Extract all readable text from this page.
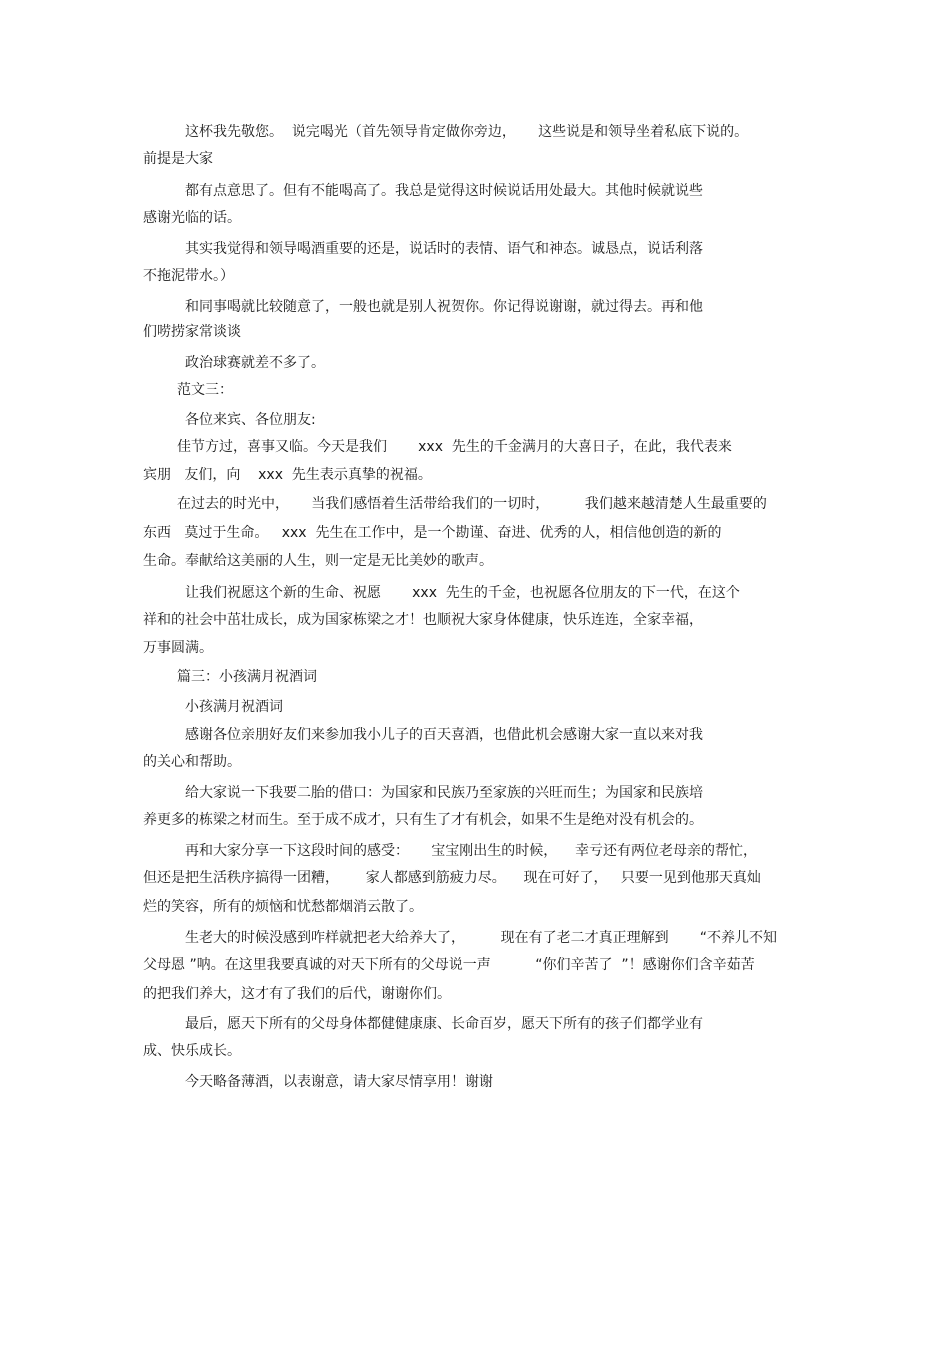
这杯我先敬您。  说完喝光（首先领导肯定做你旁边，     这些说是和领导坐着私底下说的。

前提是大家

都有点意思了。但有不能喝高了。我总是觉得这时候说话用处最大。其他时候就说些

感谢光临的话。

其实我觉得和领导喝酒重要的还是，说话时的表情、语气和神态。诚恳点，说话利落

不拖泥带水。）

和同事喝就比较随意了，一般也就是别人祝贺你。你记得说谢谢，就过得去。再和他

们唠捞家常谈谈

政治球赛就差不多了。

范文三：

各位来宾、各位朋友:

佳节方过，喜事又临。今天是我们       xxx  先生的千金满月的大喜日子，在此，我代表来

宾朋   友们，向    xxx  先生表示真挚的祝福。

在过去的时光中，     当我们感悟着生活带给我们的一切时，        我们越来越清楚人生最重要的

东西   莫过于生命。   xxx  先生在工作中，是一个勘谨、奋进、优秀的人，相信他创造的新的

生命。奉献给这美丽的人生，则一定是无比美妙的歌声。

让我们祝愿这个新的生命、祝愿       xxx  先生的千金，也祝愿各位朋友的下一代，在这个

祥和的社会中茁壮成长，成为国家栋梁之才！也顺祝大家身体健康，快乐连连，全家幸福，

万事圆满。

篇三：小孩满月祝酒词

小孩满月祝酒词

感谢各位亲朋好友们来参加我小儿子的百天喜酒，也借此机会感谢大家一直以来对我

的关心和帮助。

给大家说一下我要二胎的借口：为国家和民族乃至家族的兴旺而生；为国家和民族培

养更多的栋梁之材而生。至于成不成才，只有生了才有机会，如果不生是绝对没有机会的。

再和大家分享一下这段时间的感受：     宝宝刚出生的时候，    幸亏还有两位老母亲的帮忙，

但还是把生活秩序搞得一团糟，      家人都感到筋疲力尽。    现在可好了，   只要一见到他那天真灿

烂的笑容，所有的烦恼和忧愁都烟消云散了。

生老大的时候没感到咋样就把老大给养大了，        现在有了老二才真正理解到       “不养儿不知

父母恩 ”呐。在这里我要真诚的对天下所有的父母说一声          “你们辛苦了  ”！感谢你们含辛茹苦

的把我们养大，这才有了我们的后代，谢谢你们。

最后，愿天下所有的父母身体都健健康康、长命百岁，愿天下所有的孩子们都学业有

成、快乐成长。

今天略备薄酒，以表谢意，请大家尽情享用！谢谢
